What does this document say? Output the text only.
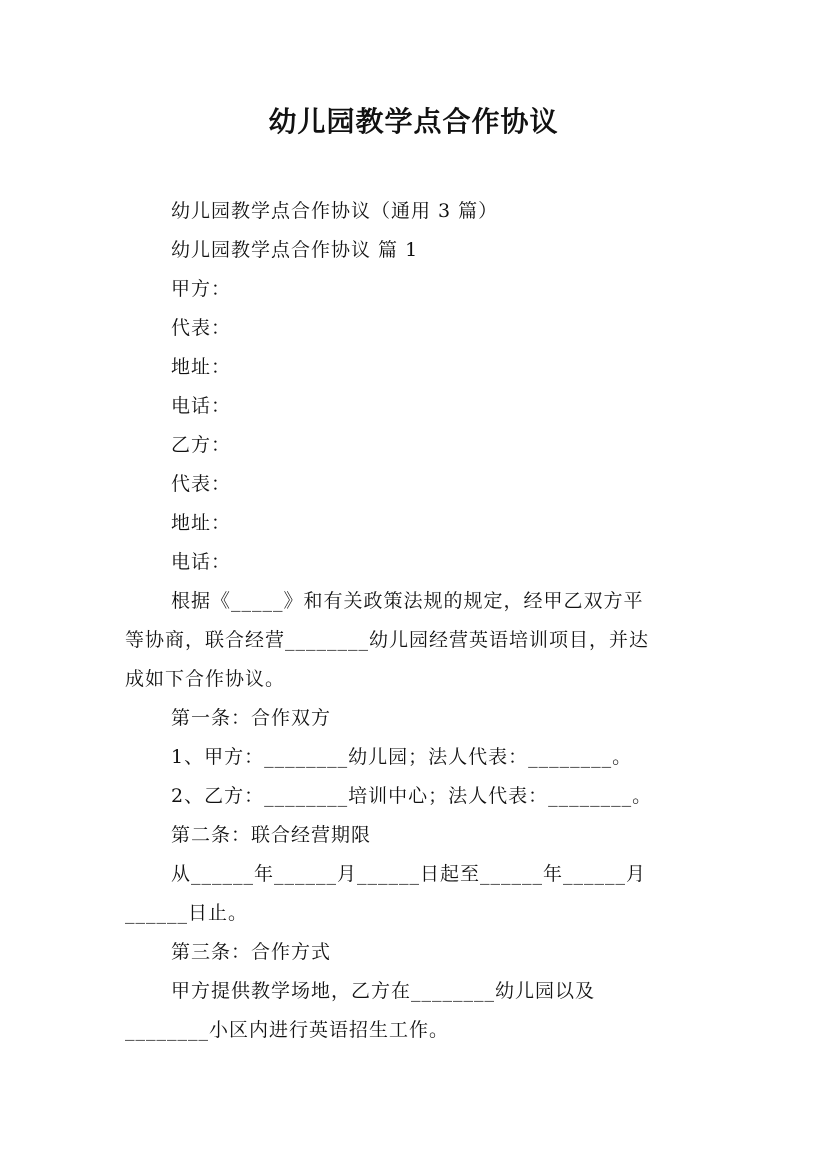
幼儿园教学点合作协议
幼儿园教学点合作协议（通用 3 篇）
幼儿园教学点合作协议 篇 1
甲方：
代表：
地址：
电话：
乙方：
代表：
地址：
电话：
根据《_____》和有关政策法规的规定，经甲乙双方平
等协商，联合经营________幼儿园经营英语培训项目，并达
成如下合作协议。
第一条：合作双方
1、甲方：________幼儿园；法人代表：________。
2、乙方：________培训中心；法人代表：________。
第二条：联合经营期限
从______年______月______日起至______年______月
______日止。
第三条：合作方式
甲方提供教学场地，乙方在________幼儿园以及
________小区内进行英语招生工作。
